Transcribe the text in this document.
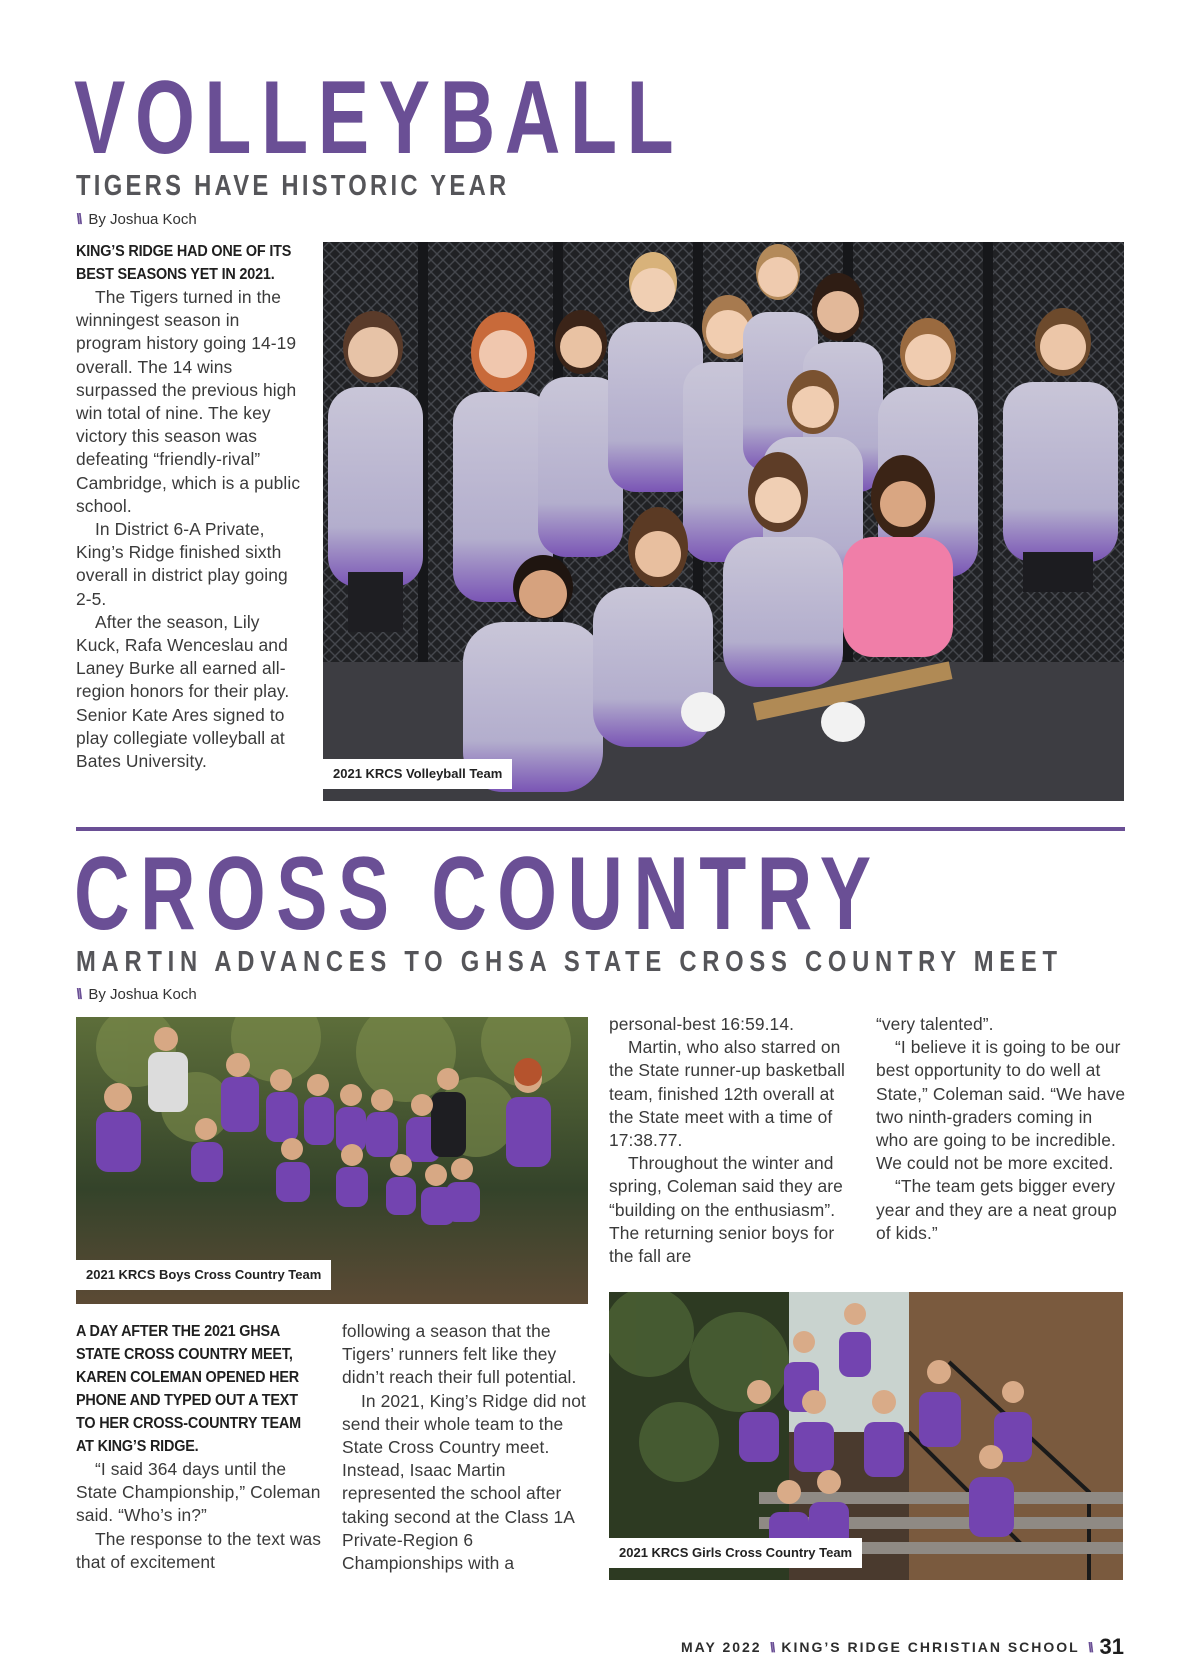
VOLLEYBALL
TIGERS HAVE HISTORIC YEAR
\\ By Joshua Koch
KING’S RIDGE HAD ONE OF ITS BEST SEASONS YET IN 2021.

The Tigers turned in the winningest season in program history going 14-19 overall. The 14 wins surpassed the previous high win total of nine. The key victory this season was defeating “friendly-rival” Cambridge, which is a public school.

In District 6-A Private, King’s Ridge finished sixth overall in district play going 2-5.

After the season, Lily Kuck, Rafa Wenceslau and Laney Burke all earned all-region honors for their play. Senior Kate Ares signed to play collegiate volleyball at Bates University.

2021 KRCS Volleyball Team
CROSS COUNTRY
MARTIN ADVANCES TO GHSA STATE CROSS COUNTRY MEET
\\ By Joshua Koch
2021 KRCS Boys Cross Country Team
A DAY AFTER THE 2021 GHSA STATE CROSS COUNTRY MEET, KAREN COLEMAN OPENED HER PHONE AND TYPED OUT A TEXT TO HER CROSS-COUNTRY TEAM AT KING’S RIDGE.

“I said 364 days until the State Championship,” Coleman said. “Who’s in?”

The response to the text was that of excitement

following a season that the Tigers’ runners felt like they didn’t reach their full potential.

In 2021, King’s Ridge did not send their whole team to the State Cross Country meet. Instead, Isaac Martin represented the school after taking second at the Class 1A Private-Region 6 Championships with a

personal-best 16:59.14.

Martin, who also starred on the State runner-up basketball team, finished 12th overall at the State meet with a time of 17:38.77.

Throughout the winter and spring, Coleman said they are “building on the enthusiasm”. The returning senior boys for the fall are

“very talented”.

“I believe it is going to be our best opportunity to do well at State,” Coleman said. “We have two ninth-graders coming in who are going to be incredible. We could not be more excited.

“The team gets bigger every year and they are a neat group of kids.”

2021 KRCS Girls Cross Country Team
MAY 2022 \\ KING’S RIDGE CHRISTIAN SCHOOL \\ 31
